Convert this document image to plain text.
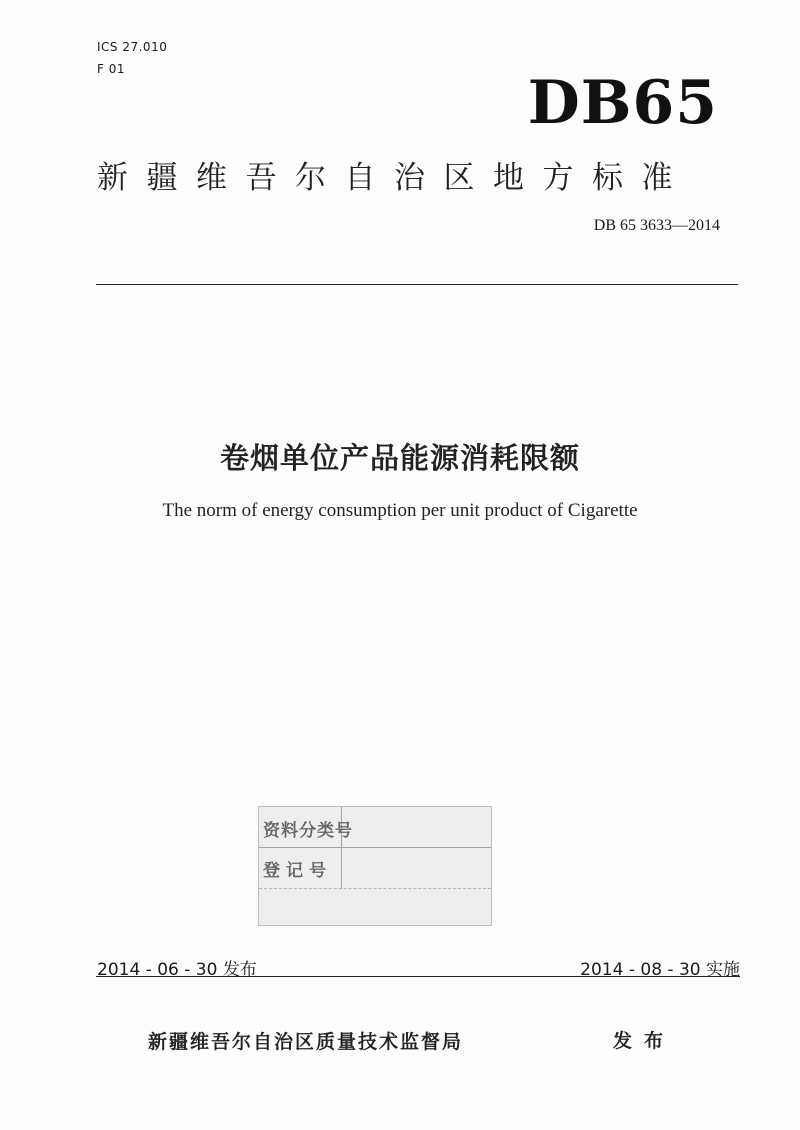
ICS 27.010
F 01	DB65
新疆维吾尔自治区地方标准
DB 65 3633—2014
卷烟单位产品能源消耗限额
The norm of energy consumption per unit product of Cigarette
资料分类号
登记号
2014 - 06 - 30 发布	2014 - 08 - 30 实施
新疆维吾尔自治区质量技术监督局	发布
